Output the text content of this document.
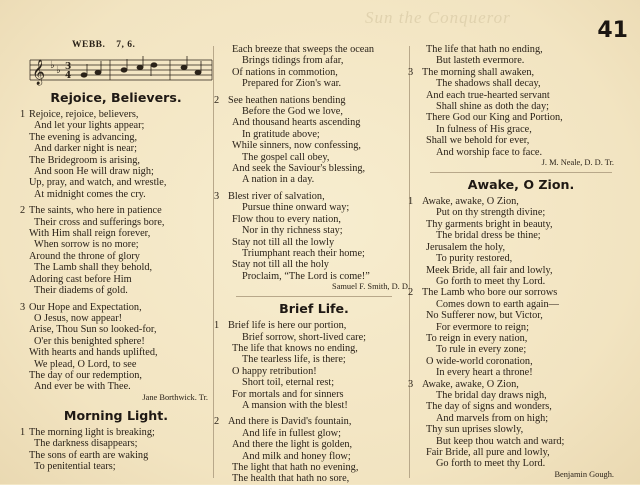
Sun the Conqueror
41
WEBB. 7, 6.
𝄞 ♭ ♭ 3
4
Rejoice, Believers.
1 Rejoice, rejoice, believers,
And let your lights appear;
The evening is advancing,
And darker night is near;
The Bridegroom is arising,
And soon He will draw nigh;
Up, pray, and watch, and wrestle,
At midnight comes the cry.
2 The saints, who here in patience
Their cross and sufferings bore,
With Him shall reign forever,
When sorrow is no more;
Around the throne of glory
The Lamb shall they behold,
Adoring cast before Him
Their diadems of gold.
3 Our Hope and Expectation,
O Jesus, now appear!
Arise, Thou Sun so looked-for,
O'er this benighted sphere!
With hearts and hands uplifted,
We plead, O Lord, to see
The day of our redemption,
And ever be with Thee.
Jane Borthwick. Tr.
Morning Light.
1 The morning light is breaking;
The darkness disappears;
The sons of earth are waking
To penitential tears;
Each breeze that sweeps the ocean
Brings tidings from afar,
Of nations in commotion,
Prepared for Zion's war.
2 See heathen nations bending
Before the God we love,
And thousand hearts ascending
In gratitude above;
While sinners, now confessing,
The gospel call obey,
And seek the Saviour's blessing,
A nation in a day.
3 Blest river of salvation,
Pursue thine onward way;
Flow thou to every nation,
Nor in thy richness stay;
Stay not till all the lowly
Triumphant reach their home;
Stay not till all the holy
Proclaim, “The Lord is come!”
Samuel F. Smith, D. D.
Brief Life.
1 Brief life is here our portion,
Brief sorrow, short-lived care;
The life that knows no ending,
The tearless life, is there;
O happy retribution!
Short toil, eternal rest;
For mortals and for sinners
A mansion with the blest!
2 And there is David's fountain,
And life in fullest glow;
And there the light is golden,
And milk and honey flow;
The light that hath no evening,
The health that hath no sore,
The life that hath no ending,
But lasteth evermore.
3 The morning shall awaken,
The shadows shall decay,
And each true-hearted servant
Shall shine as doth the day;
There God our King and Portion,
In fulness of His grace,
Shall we behold for ever,
And worship face to face.
J. M. Neale, D. D. Tr.
Awake, O Zion.
1 Awake, awake, O Zion,
Put on thy strength divine;
Thy garments bright in beauty,
The bridal dress be thine;
Jerusalem the holy,
To purity restored,
Meek Bride, all fair and lowly,
Go forth to meet thy Lord.
2 The Lamb who bore our sorrows
Comes down to earth again—
No Sufferer now, but Victor,
For evermore to reign;
To reign in every nation,
To rule in every zone;
O wide-world coronation,
In every heart a throne!
3 Awake, awake, O Zion,
The bridal day draws nigh,
The day of signs and wonders,
And marvels from on high;
Thy sun uprises slowly,
But keep thou watch and ward;
Fair Bride, all pure and lowly,
Go forth to meet thy Lord.
Benjamin Gough.
